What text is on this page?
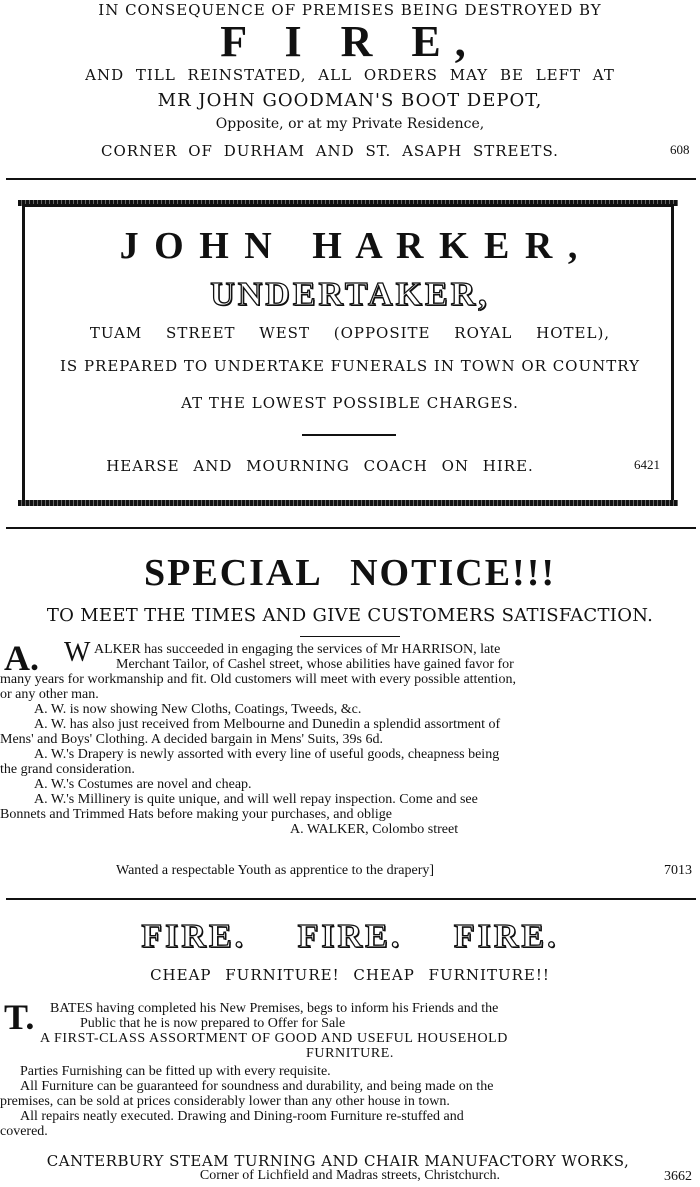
IN CONSEQUENCE OF PREMISES BEING DESTROYED BY
F I R E,
AND TILL REINSTATED, ALL ORDERS MAY BE LEFT AT
MR JOHN GOODMAN'S BOOT DEPOT,
Opposite, or at my Private Residence,
CORNER OF DURHAM AND ST. ASAPH STREETS.	608
J O H N   H A R K E R ,
UNDERTAKER,
TUAM STREET WEST (OPPOSITE ROYAL HOTEL),
IS PREPARED TO UNDERTAKE FUNERALS IN TOWN OR COUNTRY
AT THE LOWEST POSSIBLE CHARGES.
HEARSE AND MOURNING COACH ON HIRE.	6421
SPECIAL NOTICE!!!
TO MEET THE TIMES AND GIVE CUSTOMERS SATISFACTION.
A. W ALKER has succeeded in engaging the services of Mr HARRISON, late

Merchant Tailor, of Cashel street, whose abilities have gained favor for

many years for workmanship and fit. Old customers will meet with every possible attention,

or any other man.

A. W. is now showing New Cloths, Coatings, Tweeds, &c.

A. W. has also just received from Melbourne and Dunedin a splendid assortment of

Mens' and Boys' Clothing. A decided bargain in Mens' Suits, 39s 6d.

A. W.'s Drapery is newly assorted with every line of useful goods, cheapness being

the grand consideration.

A. W.'s Costumes are novel and cheap.

A. W.'s Millinery is quite unique, and will well repay inspection. Come and see

Bonnets and Trimmed Hats before making your purchases, and oblige

A. WALKER, Colombo street

Wanted a respectable Youth as apprentice to the drapery]	7013
FIRE. FIRE. FIRE.
CHEAP FURNITURE! CHEAP FURNITURE!!
T.	BATES having completed his New Premises, begs to inform his Friends and the

Public that he is now prepared to Offer for Sale

A FIRST-CLASS ASSORTMENT OF GOOD AND USEFUL HOUSEHOLD

FURNITURE.

Parties Furnishing can be fitted up with every requisite.

All Furniture can be guaranteed for soundness and durability, and being made on the

premises, can be sold at prices considerably lower than any other house in town.

All repairs neatly executed. Drawing and Dining-room Furniture re-stuffed and

covered.

CANTERBURY STEAM TURNING AND CHAIR MANUFACTORY WORKS,
Corner of Lichfield and Madras streets, Christchurch.	3662
